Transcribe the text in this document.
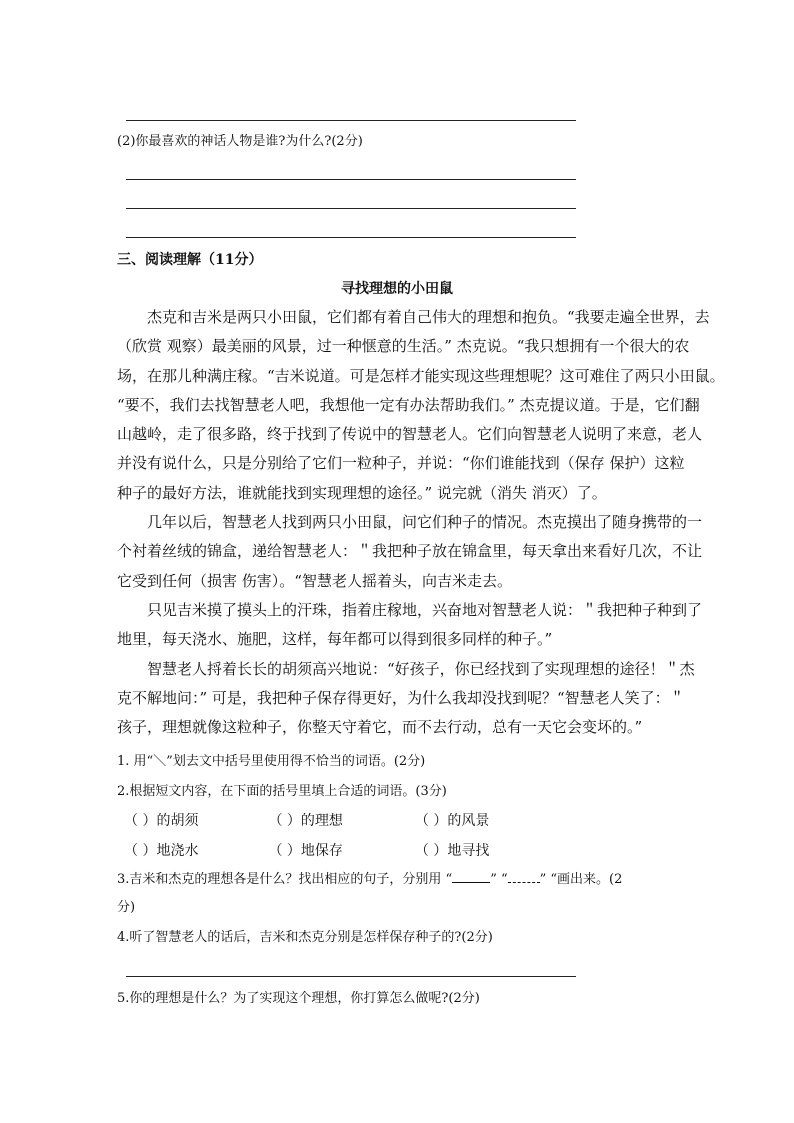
(2)你最喜欢的神话人物是谁?为什么?(2分)
三、阅读理解（11分）
寻找理想的小田鼠
杰克和吉米是两只小田鼠，它们都有着自己伟大的理想和抱负。“我要走遍全世界，去
（欣赏 观察）最美丽的风景，过一种惬意的生活。” 杰克说。“我只想拥有一个很大的农
场，在那儿种满庄稼。“吉米说道。可是怎样才能实现这些理想呢？这可难住了两只小田鼠。
“要不，我们去找智慧老人吧，我想他一定有办法帮助我们。” 杰克提议道。于是，它们翻
山越岭，走了很多路，终于找到了传说中的智慧老人。它们向智慧老人说明了来意，老人
并没有说什么，只是分别给了它们一粒种子，并说：“你们谁能找到（保存 保护）这粒
种子的最好方法，谁就能找到实现理想的途径。” 说完就（消失 消灭）了。
几年以后，智慧老人找到两只小田鼠，问它们种子的情况。杰克摸出了随身携带的一
个衬着丝绒的锦盒，递给智慧老人：＂我把种子放在锦盒里，每天拿出来看好几次，不让
它受到任何（损害 伤害）。“智慧老人摇着头，向吉米走去。
只见吉米摸了摸头上的汗珠，指着庄稼地，兴奋地对智慧老人说：＂我把种子种到了
地里，每天浇水、施肥，这样，每年都可以得到很多同样的种子。”
智慧老人捋着长长的胡须高兴地说：“好孩子，你已经找到了实现理想的途径！＂杰
克不解地问：” 可是，我把种子保存得更好，为什么我却没找到呢？“智慧老人笑了：＂
孩子，理想就像这粒种子，你整天守着它，而不去行动，总有一天它会变坏的。”
1. 用“＼”划去文中括号里使用得不恰当的词语。(2分)
2.根据短文内容，在下面的括号里填上合适的词语。(3分)
（ ）的胡须	（ ）的理想	（ ）的风景
（ ）地浇水	（ ）地保存	（ ）地寻找
3.吉米和杰克的理想各是什么？找出相应的句子，分别用 “	” “ ” “画出来。(2
分)
4.听了智慧老人的话后，吉米和杰克分别是怎样保存种子的?(2分)
5.你的理想是什么？为了实现这个理想，你打算怎么做呢?(2分)
